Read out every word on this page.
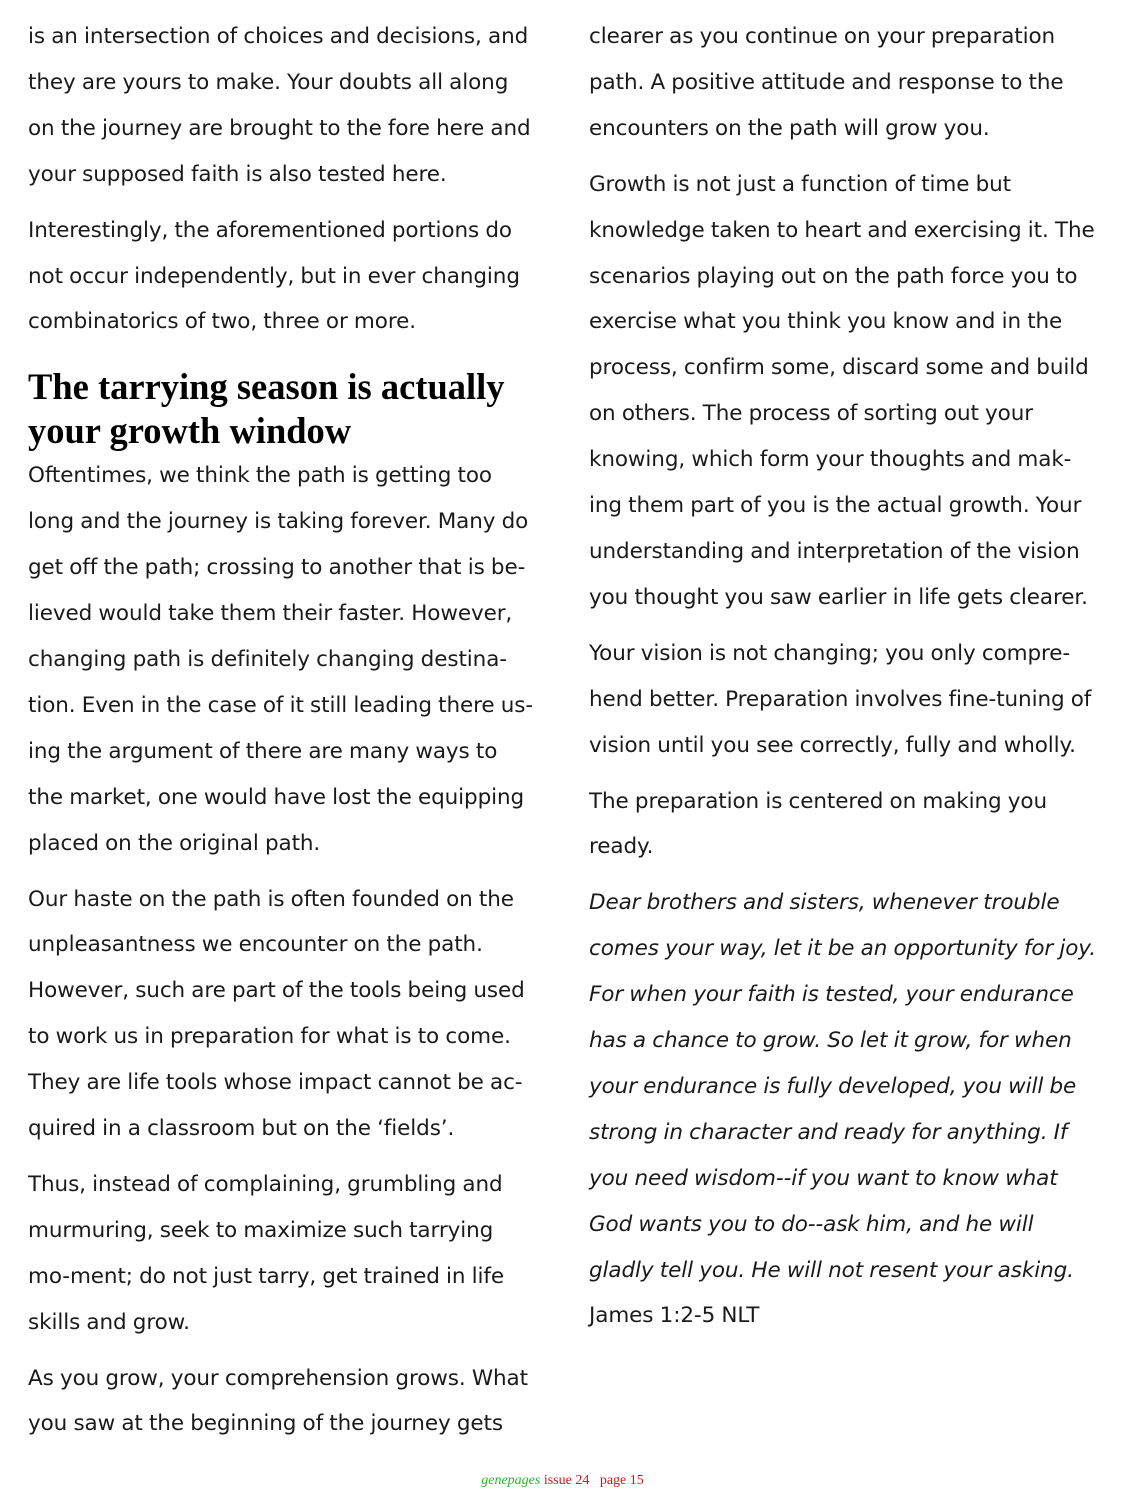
is an intersection of choices and decisions, and they are yours to make. Your doubts all along on the journey are brought to the fore here and your supposed faith is also tested here.

Interestingly, the aforementioned portions do not occur independently, but in ever changing combinatorics of two, three or more.

The tarrying season is actually your growth window

Oftentimes, we think the path is getting too long and the journey is taking forever. Many do get off the path; crossing to another that is be-lieved would take them their faster. However, changing path is definitely changing destina-tion. Even in the case of it still leading there us-ing the argument of there are many ways to the market, one would have lost the equipping placed on the original path.

Our haste on the path is often founded on the unpleasantness we encounter on the path. However, such are part of the tools being used to work us in preparation for what is to come. They are life tools whose impact cannot be ac-quired in a classroom but on the ‘fields’.

Thus, instead of complaining, grumbling and murmuring, seek to maximize such tarrying mo-ment; do not just tarry, get trained in life skills and grow.

As you grow, your comprehension grows. What you saw at the beginning of the journey gets

clearer as you continue on your preparation path. A positive attitude and response to the encounters on the path will grow you.

Growth is not just a function of time but knowledge taken to heart and exercising it. The scenarios playing out on the path force you to exercise what you think you know and in the process, confirm some, discard some and build on others. The process of sorting out your knowing, which form your thoughts and mak-ing them part of you is the actual growth. Your understanding and interpretation of the vision you thought you saw earlier in life gets clearer.

Your vision is not changing; you only compre-hend better. Preparation involves fine-tuning of vision until you see correctly, fully and wholly.

The preparation is centered on making you ready.

Dear brothers and sisters, whenever trouble comes your way, let it be an opportunity for joy. For when your faith is tested, your endurance has a chance to grow. So let it grow, for when your endurance is fully developed, you will be strong in character and ready for anything. If you need wisdom--if you want to know what God wants you to do--ask him, and he will gladly tell you. He will not resent your asking. James 1:2-5 NLT

genepages issue 24 page 15
